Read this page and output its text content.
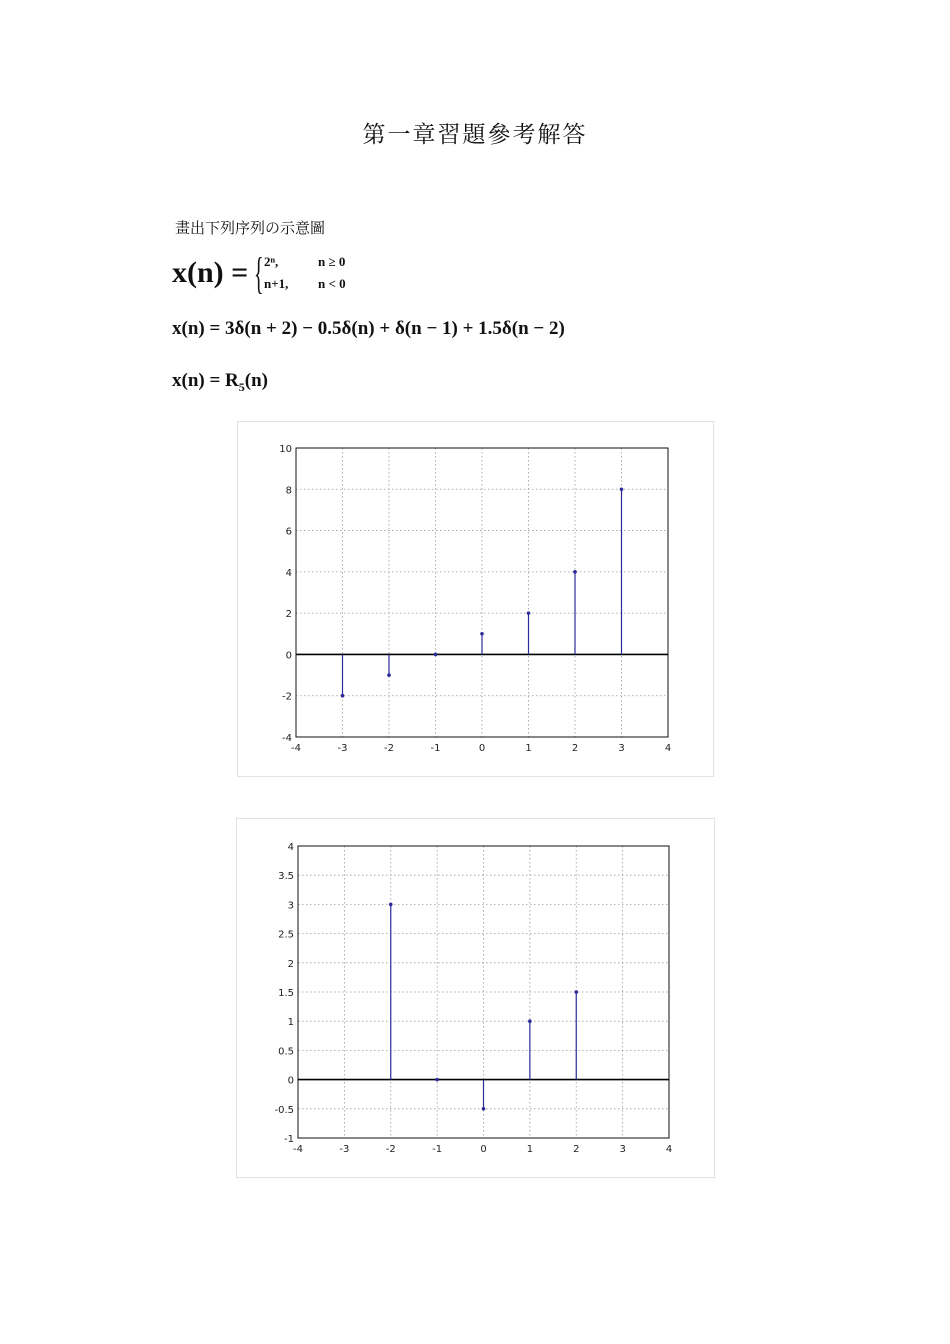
第一章習題參考解答
畫出下列序列の示意圖
x(n) = { 2ⁿ,	n ≥ 0
n+1, n < 0
x(n) = 3δ(n + 2) − 0.5δ(n) + δ(n − 1) + 1.5δ(n − 2)
$x(n) = R_5(n)$
-4	-3	-2	-1	0	1	2	3	4
-4
-2
0
2
4
6
8
10
-4	-3	-2	-1	0	1	2	3	4
-1
-0.5
0
0.5
1
1.5
2
2.5
3
3.5
4
